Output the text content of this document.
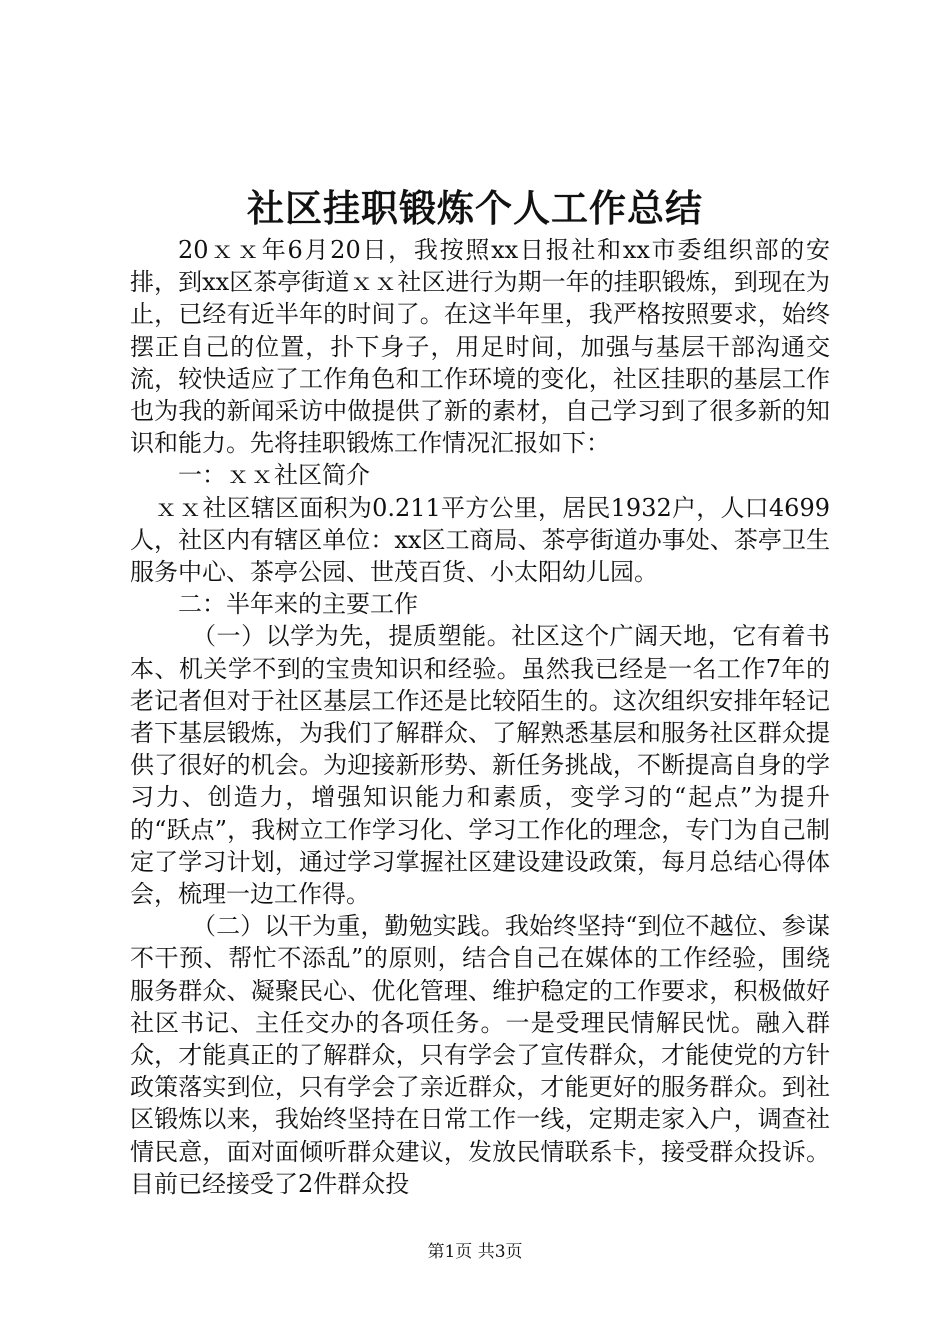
社区挂职锻炼个人工作总结

20ｘｘ年6月20日，我按照xx日报社和xx市委组织部的安排，到xx区茶亭街道ｘｘ社区进行为期一年的挂职锻炼，到现在为止，已经有近半年的时间了。在这半年里，我严格按照要求，始终摆正自己的位置，扑下身子，用足时间，加强与基层干部沟通交流，较快适应了工作角色和工作环境的变化，社区挂职的基层工作也为我的新闻采访中做提供了新的素材，自己学习到了很多新的知识和能力。先将挂职锻炼工作情况汇报如下：

一：ｘｘ社区简介

ｘｘ社区辖区面积为0.211平方公里，居民1932户，人口4699人，社区内有辖区单位：xx区工商局、茶亭街道办事处、茶亭卫生服务中心、茶亭公园、世茂百货、小太阳幼儿园。

二：半年来的主要工作

（一）以学为先，提质塑能。社区这个广阔天地，它有着书本、机关学不到的宝贵知识和经验。虽然我已经是一名工作7年的老记者但对于社区基层工作还是比较陌生的。这次组织安排年轻记者下基层锻炼，为我们了解群众、了解熟悉基层和服务社区群众提供了很好的机会。为迎接新形势、新任务挑战，不断提高自身的学习力、创造力，增强知识能力和素质，变学习的“起点”为提升的“跃点”，我树立工作学习化、学习工作化的理念，专门为自己制定了学习计划，通过学习掌握社区建设建设政策，每月总结心得体会，梳理一边工作得。

（二）以干为重，勤勉实践。我始终坚持“到位不越位、参谋不干预、帮忙不添乱”的原则，结合自己在媒体的工作经验，围绕服务群众、凝聚民心、优化管理、维护稳定的工作要求，积极做好社区书记、主任交办的各项任务。一是受理民情解民忧。融入群众，才能真正的了解群众，只有学会了宣传群众，才能使党的方针政策落实到位，只有学会了亲近群众，才能更好的服务群众。到社区锻炼以来，我始终坚持在日常工作一线，定期走家入户，调查社情民意，面对面倾听群众建议，发放民情联系卡，接受群众投诉。目前已经接受了2件群众投

第1页 共3页
